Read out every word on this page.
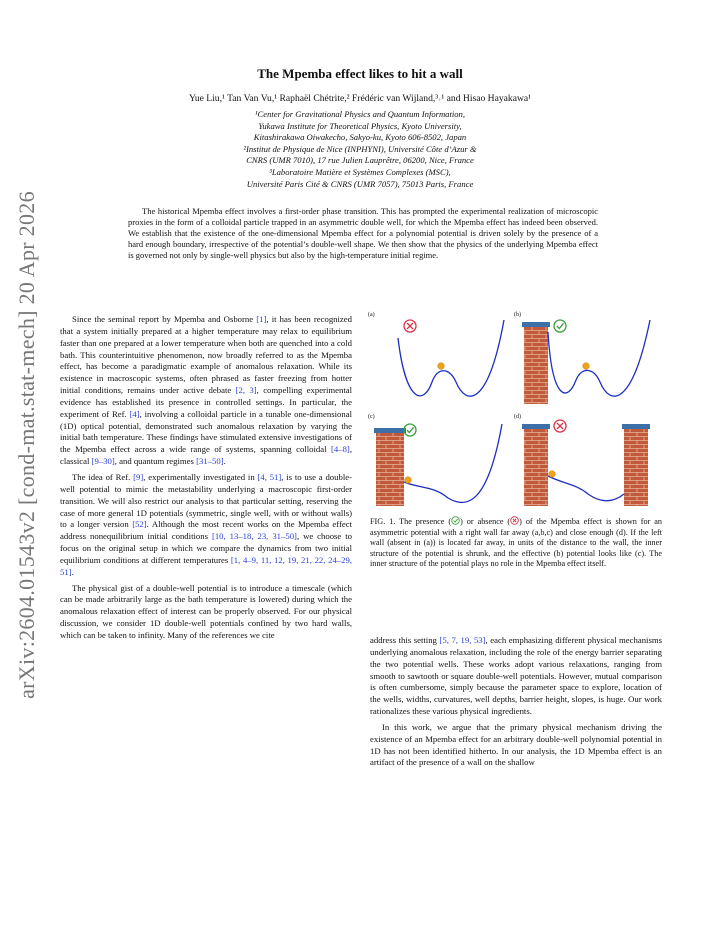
arXiv:2604.01543v2 [cond-mat.stat-mech] 20 Apr 2026
The Mpemba effect likes to hit a wall
Yue Liu,¹ Tan Van Vu,¹ Raphaël Chétrite,² Frédéric van Wijland,³˒¹ and Hisao Hayakawa¹
¹Center for Gravitational Physics and Quantum Information,
Yukawa Institute for Theoretical Physics, Kyoto University,
Kitashirakawa Oiwakecho, Sakyo-ku, Kyoto 606-8502, Japan
²Institut de Physique de Nice (INPHYNI), Université Côte d’Azur &
CNRS (UMR 7010), 17 rue Julien Lauprêtre, 06200, Nice, France
³Laboratoire Matière et Systèmes Complexes (MSC),
Université Paris Cité & CNRS (UMR 7057), 75013 Paris, France
The historical Mpemba effect involves a first-order phase transition. This has prompted the experimental realization of microscopic proxies in the form of a colloidal particle trapped in an asymmetric double well, for which the Mpemba effect has indeed been observed. We establish that the existence of the one-dimensional Mpemba effect for a polynomial potential is driven solely by the presence of a hard enough boundary, irrespective of the potential’s double-well shape. We then show that the physics of the underlying Mpemba effect is governed not only by single-well physics but also by the high-temperature initial regime.

Since the seminal report by Mpemba and Osborne [1], it has been recognized that a system initially prepared at a higher temperature may relax to equilibrium faster than one prepared at a lower temperature when both are quenched into a cold bath. This counterintuitive phenomenon, now broadly referred to as the Mpemba effect, has become a paradigmatic example of anomalous relaxation. While its existence in macroscopic systems, often phrased as faster freezing from hotter initial conditions, remains under active debate [2, 3], compelling experimental evidence has established its presence in controlled settings. In particular, the experiment of Ref. [4], involving a colloidal particle in a tunable one-dimensional (1D) optical potential, demonstrated such anomalous relaxation by varying the initial bath temperature. These findings have stimulated extensive investigations of the Mpemba effect across a wide range of systems, spanning colloidal [4–8], classical [9–30], and quantum regimes [31–50].

The idea of Ref. [9], experimentally investigated in [4, 51], is to use a double-well potential to mimic the metastability underlying a macroscopic first-order transition. We will also restrict our analysis to that particular setting, reserving the case of more general 1D potentials (symmetric, single well, with or without walls) to a longer version [52]. Although the most recent works on the Mpemba effect address nonequilibrium initial conditions [10, 13–18, 23, 31–50], we choose to focus on the original setup in which we compare the dynamics from two initial equilibrium conditions at different temperatures [1, 4–9, 11, 12, 19, 21, 22, 24–29, 51].

The physical gist of a double-well potential is to introduce a timescale (which can be made arbitrarily large as the bath temperature is lowered) during which the anomalous relaxation effect of interest can be properly observed. For our physical discussion, we consider 1D double-well potentials confined by two hard walls, which can be taken to infinity. Many of the references we cite

(a)	(b)
(c)	(d)
FIG. 1. The presence ( ) or absence ( ) of the Mpemba effect is shown for an asymmetric potential with a right wall far away (a,b,c) and close enough (d). If the left wall (absent in (a)) is located far away, in units of the distance to the wall, the inner structure of the potential is shrunk, and the effective (b) potential looks like (c). The inner structure of the potential plays no role in the Mpemba effect itself.

address this setting [5, 7, 19, 53], each emphasizing different physical mechanisms underlying anomalous relaxation, including the role of the energy barrier separating the two potential wells. These works adopt various relaxations, ranging from smooth to sawtooth or square double-well potentials. However, mutual comparison is often cumbersome, simply because the parameter space to explore, location of the wells, widths, curvatures, well depths, barrier height, slopes, is huge. Our work rationalizes these various physical ingredients.

In this work, we argue that the primary physical mechanism driving the existence of an Mpemba effect for an arbitrary double-well polynomial potential in 1D has not been identified hitherto. In our analysis, the 1D Mpemba effect is an artifact of the presence of a wall on the shallow
